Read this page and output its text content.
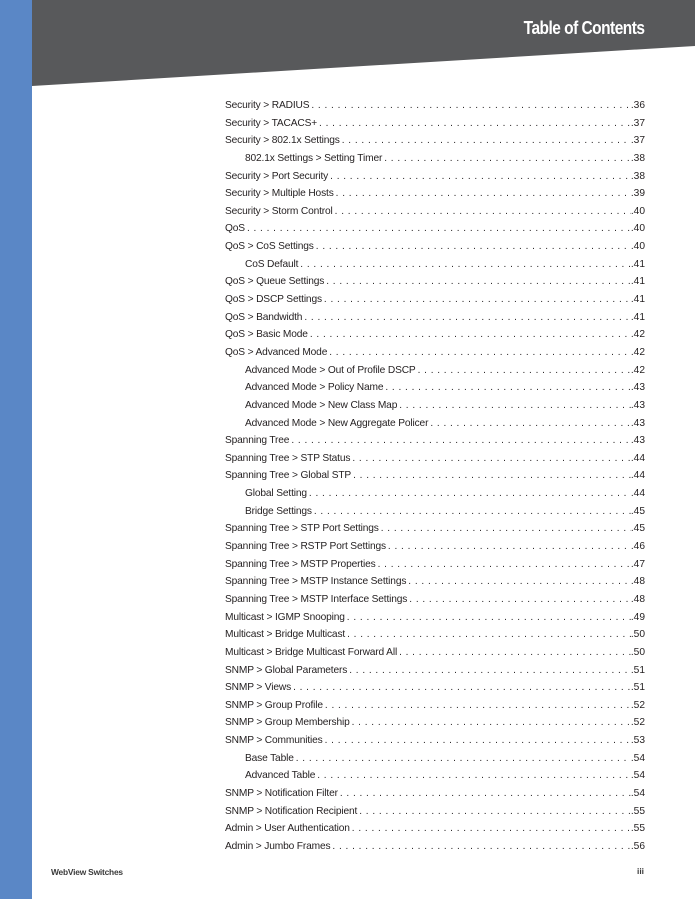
Table of Contents
Security > RADIUS . . .	.36
Security > TACACS+ . . .	.37
Security > 802.1x Settings . . .	.37
802.1x Settings > Setting Timer . . .	.38
Security > Port Security . . .	.38
Security > Multiple Hosts . . .	.39
Security > Storm Control . . .	.40
QoS . . .	.40
QoS > CoS Settings . . .	.40
CoS Default . . .	.41
QoS > Queue Settings . . .	.41
QoS > DSCP Settings . . .	.41
QoS > Bandwidth . . .	.41
QoS > Basic Mode . . .	.42
QoS > Advanced Mode . . .	.42
Advanced Mode > Out of Profile DSCP . . .	.42
Advanced Mode > Policy Name . . .	.43
Advanced Mode > New Class Map . . .	.43
Advanced Mode > New Aggregate Policer . . .	.43
Spanning Tree . . .	.43
Spanning Tree > STP Status . . .	.44
Spanning Tree > Global STP . . .	.44
Global Setting . . .	.44
Bridge Settings . . .	.45
Spanning Tree > STP Port Settings . . .	.45
Spanning Tree > RSTP Port Settings . . .	.46
Spanning Tree > MSTP Properties . . .	.47
Spanning Tree > MSTP Instance Settings . . .	.48
Spanning Tree > MSTP Interface Settings . . .	.48
Multicast > IGMP Snooping . . .	.49
Multicast > Bridge Multicast . . .	.50
Multicast > Bridge Multicast Forward All . . .	.50
SNMP > Global Parameters . . .	.51
SNMP > Views . . .	.51
SNMP > Group Profile . . .	.52
SNMP > Group Membership . . .	.52
SNMP > Communities . . .	.53
Base Table . . .	.54
Advanced Table . . .	.54
SNMP > Notification Filter . . .	.54
SNMP > Notification Recipient . . .	.55
Admin > User Authentication . . .	.55
Admin > Jumbo Frames . . .	.56
WebView Switches	iii
